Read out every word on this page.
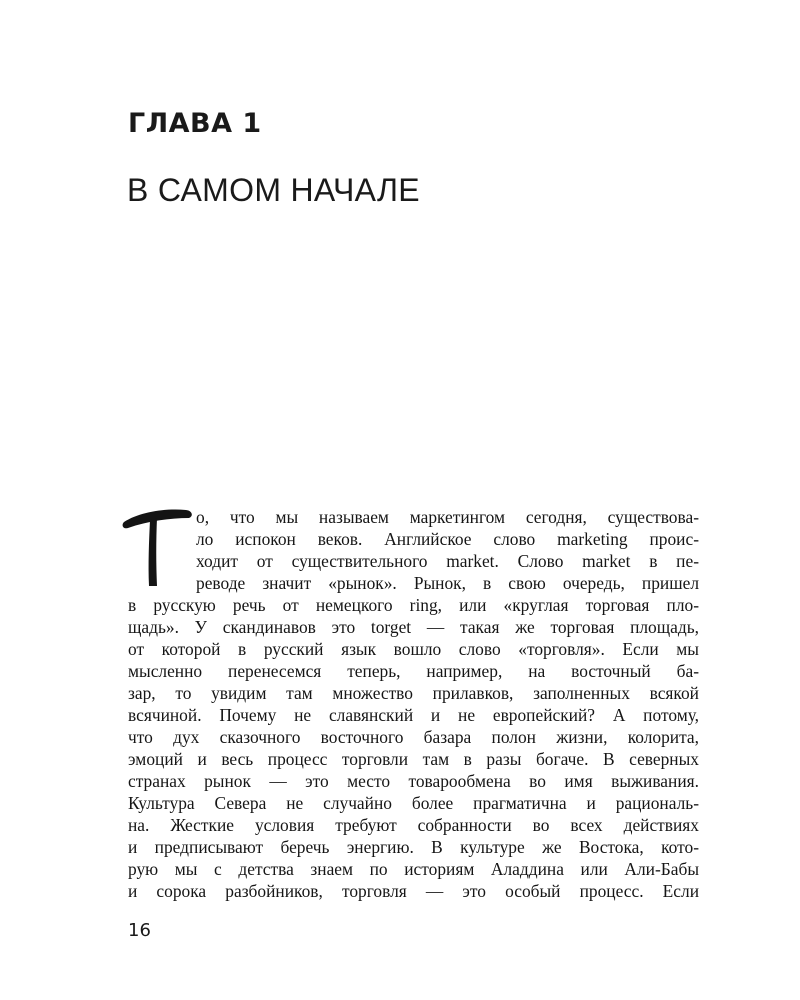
ГЛАВА 1
В САМОМ НАЧАЛЕ
о, что мы называем маркетингом сегодня, существова-
ло испокон веков. Английское слово marketing проис-
ходит от существительного market. Слово market в пе-
реводе значит «рынок». Рынок, в свою очередь, пришел
в русскую речь от немецкого ring, или «круглая торговая пло-
щадь». У скандинавов это torget — такая же торговая площадь,
от которой в русский язык вошло слово «торговля». Если мы
мысленно перенесемся теперь, например, на восточный ба-
зар, то увидим там множество прилавков, заполненных всякой
всячиной. Почему не славянский и не европейский? А потому,
что дух сказочного восточного базара полон жизни, колорита,
эмоций и весь процесс торговли там в разы богаче. В северных
странах рынок — это место товарообмена во имя выживания.
Культура Севера не случайно более прагматична и рациональ-
на. Жесткие условия требуют собранности во всех действиях
и предписывают беречь энергию. В культуре же Востока, кото-
рую мы с детства знаем по историям Аладдина или Али-Бабы
и сорока разбойников, торговля — это особый процесс. Если
16
